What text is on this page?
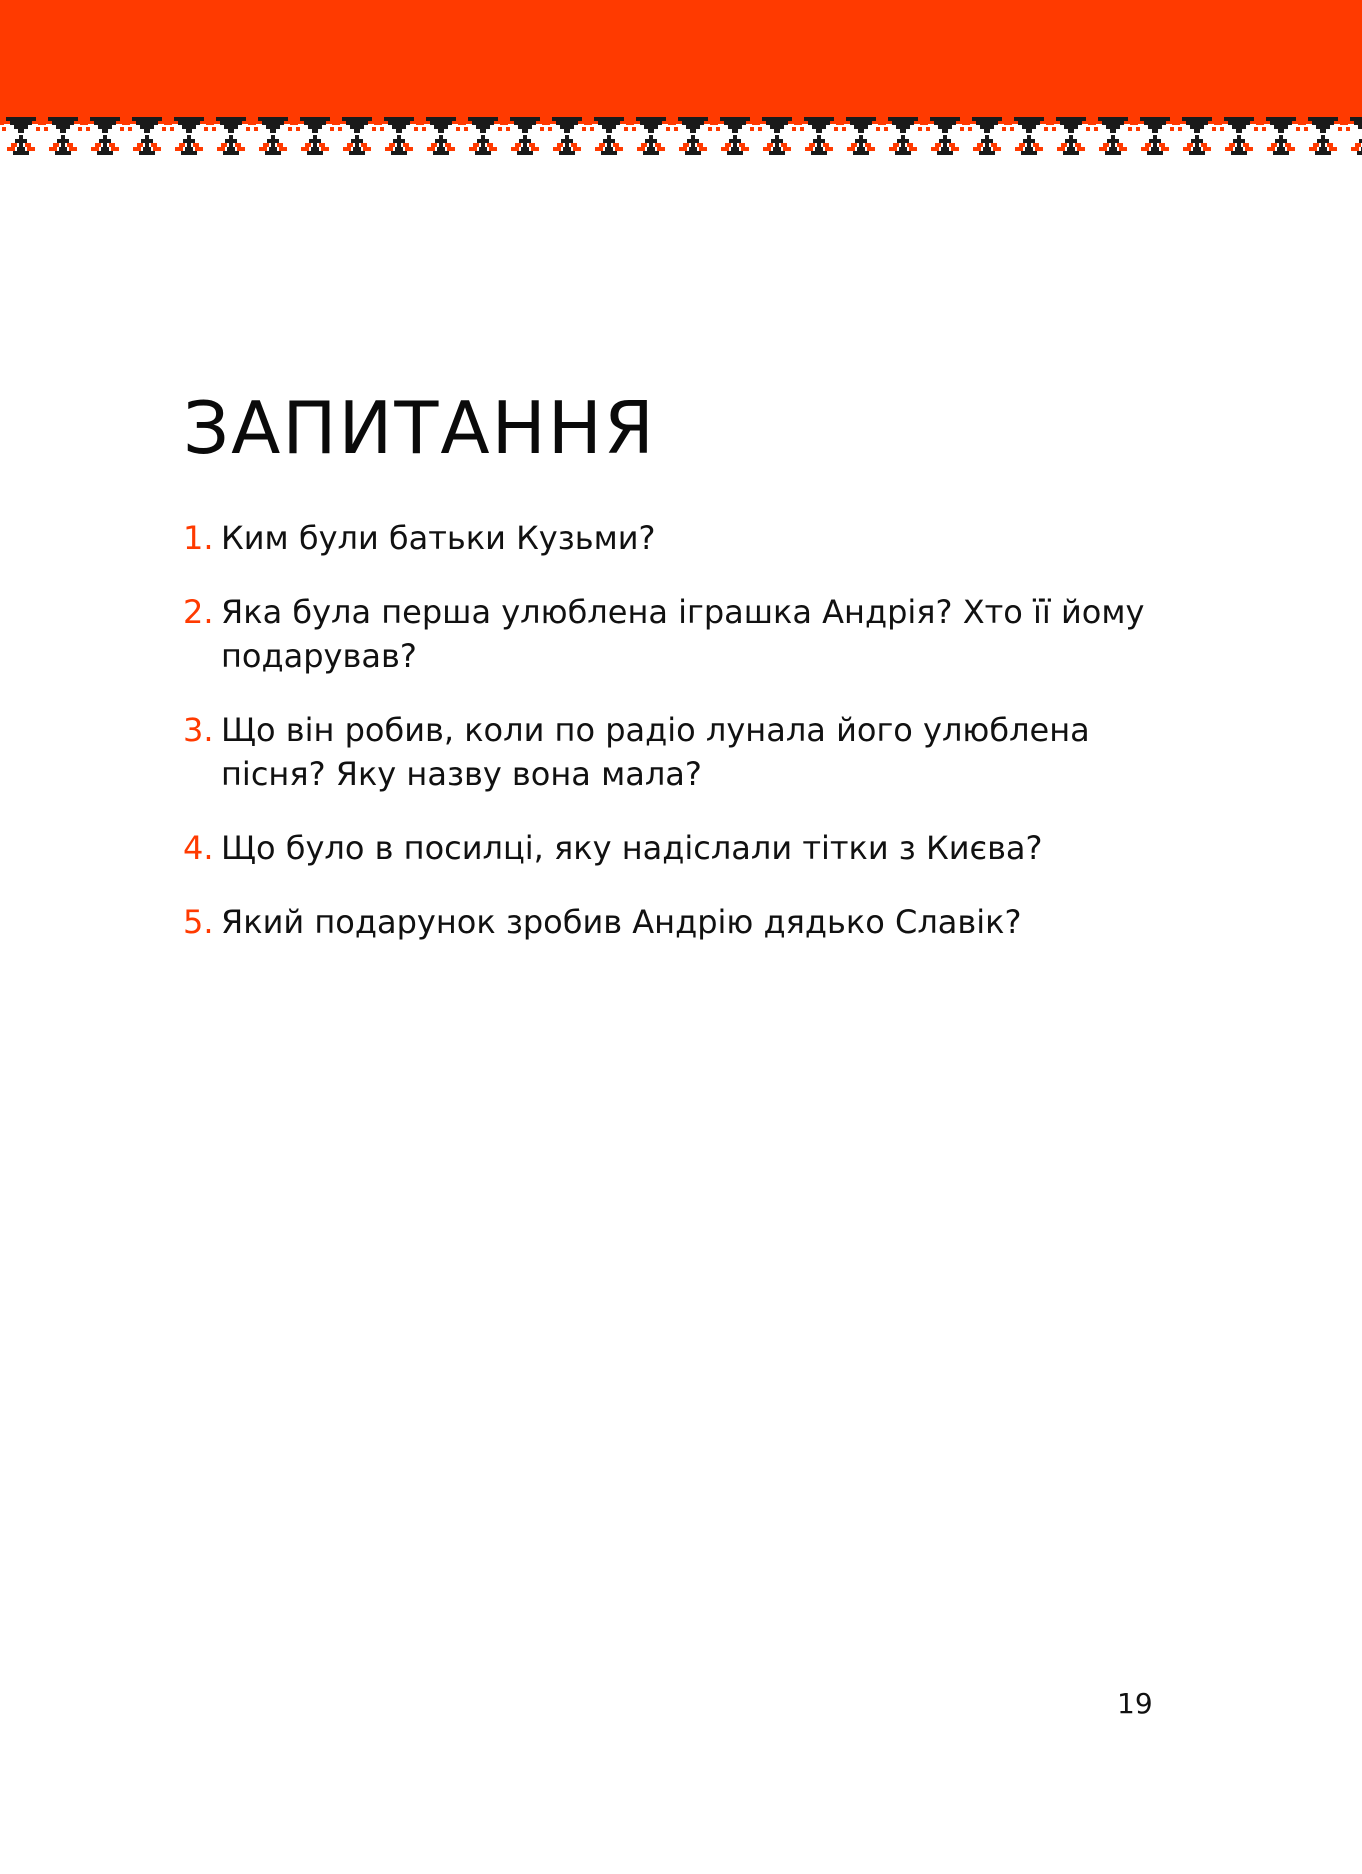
ЗАПИТАННЯ
1. Ким були батьки Кузьми?
2. Яка була перша улюблена іграшка Андрія? Хто її йому подарував?
3. Що він робив, коли по радіо лунала його улюблена пісня? Яку назву вона мала?
4. Що було в посилці, яку надіслали тітки з Києва?
5. Який подарунок зробив Андрію дядько Славік?
19
